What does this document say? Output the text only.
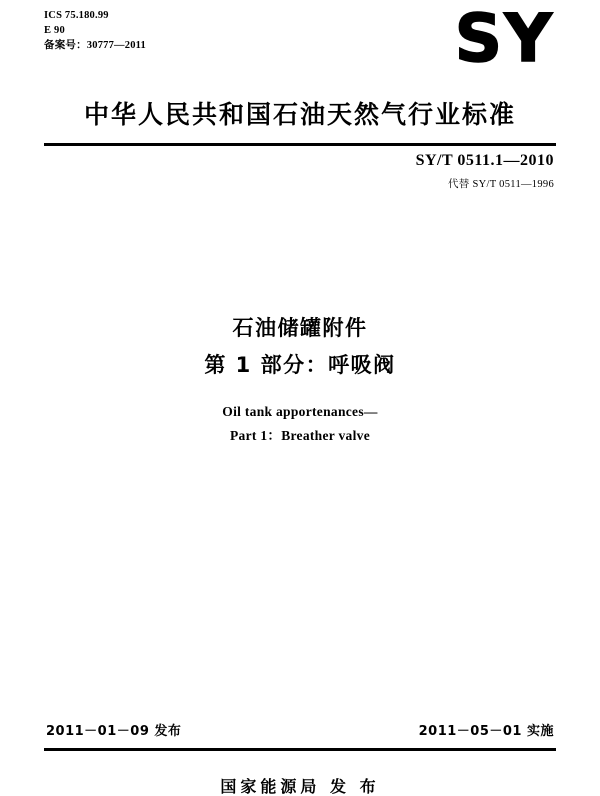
ICS 75.180.99
E 90
备案号：30777—2011	SY
中华人民共和国石油天然气行业标准
SY/T 0511.1—2010
代替 SY/T 0511—1996
石油储罐附件
第 1 部分：呼吸阀
Oil tank apportenances—
Part 1：Breather valve
2011－01－09 发布	2011－05－01 实施
国家能源局 发 布
